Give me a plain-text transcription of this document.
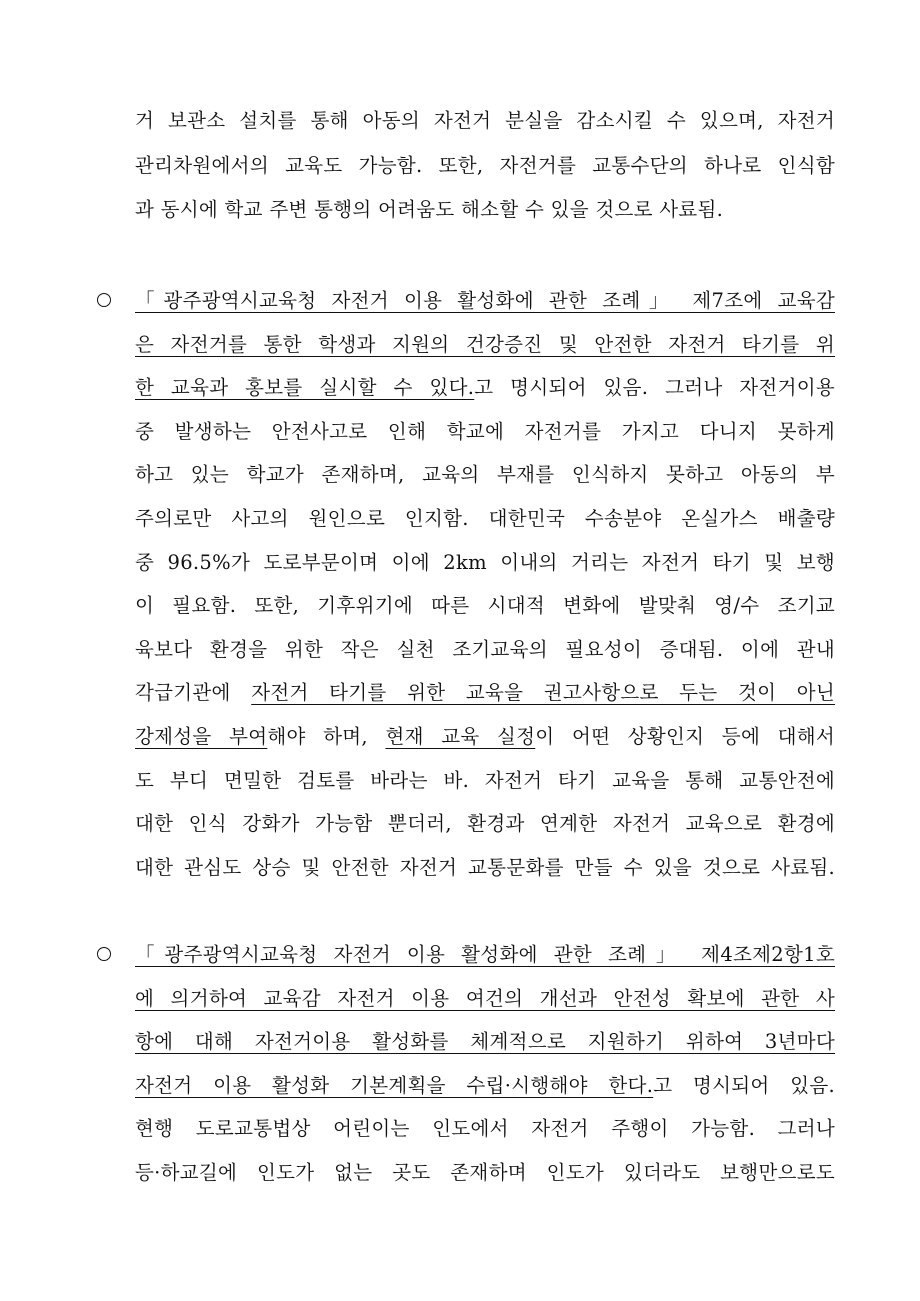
거 보관소 설치를 통해 아동의 자전거 분실을 감소시킬 수 있으며, 자전거
관리차원에서의 교육도 가능함. 또한, 자전거를 교통수단의 하나로 인식함
과 동시에 학교 주변 통행의 어려움도 해소할 수 있을 것으로 사료됨.
「광주광역시교육청 자전거 이용 활성화에 관한 조례」 제7조에 교육감
은 자전거를 통한 학생과 지원의 건강증진 및 안전한 자전거 타기를 위
한 교육과 홍보를 실시할 수 있다.고 명시되어 있음. 그러나 자전거이용
중 발생하는 안전사고로 인해 학교에 자전거를 가지고 다니지 못하게
하고 있는 학교가 존재하며, 교육의 부재를 인식하지 못하고 아동의 부
주의로만 사고의 원인으로 인지함. 대한민국 수송분야 온실가스 배출량
중 96.5%가 도로부문이며 이에 2km 이내의 거리는 자전거 타기 및 보행
이 필요함. 또한, 기후위기에 따른 시대적 변화에 발맞춰 영/수 조기교
육보다 환경을 위한 작은 실천 조기교육의 필요성이 증대됨. 이에 관내
각급기관에 자전거 타기를 위한 교육을 권고사항으로 두는 것이 아닌
강제성을 부여해야 하며, 현재 교육 실정이 어떤 상황인지 등에 대해서
도 부디 면밀한 검토를 바라는 바. 자전거 타기 교육을 통해 교통안전에
대한 인식 강화가 가능함 뿐더러, 환경과 연계한 자전거 교육으로 환경에
대한 관심도 상승 및 안전한 자전거 교통문화를 만들 수 있을 것으로 사료됨.
「광주광역시교육청 자전거 이용 활성화에 관한 조례」 제4조제2항1호
에 의거하여 교육감 자전거 이용 여건의 개선과 안전성 확보에 관한 사
항에 대해 자전거이용 활성화를 체계적으로 지원하기 위하여 3년마다
자전거 이용 활성화 기본계획을 수립·시행해야 한다.고 명시되어 있음.
현행 도로교통법상 어린이는 인도에서 자전거 주행이 가능함. 그러나
등·하교길에 인도가 없는 곳도 존재하며 인도가 있더라도 보행만으로도
